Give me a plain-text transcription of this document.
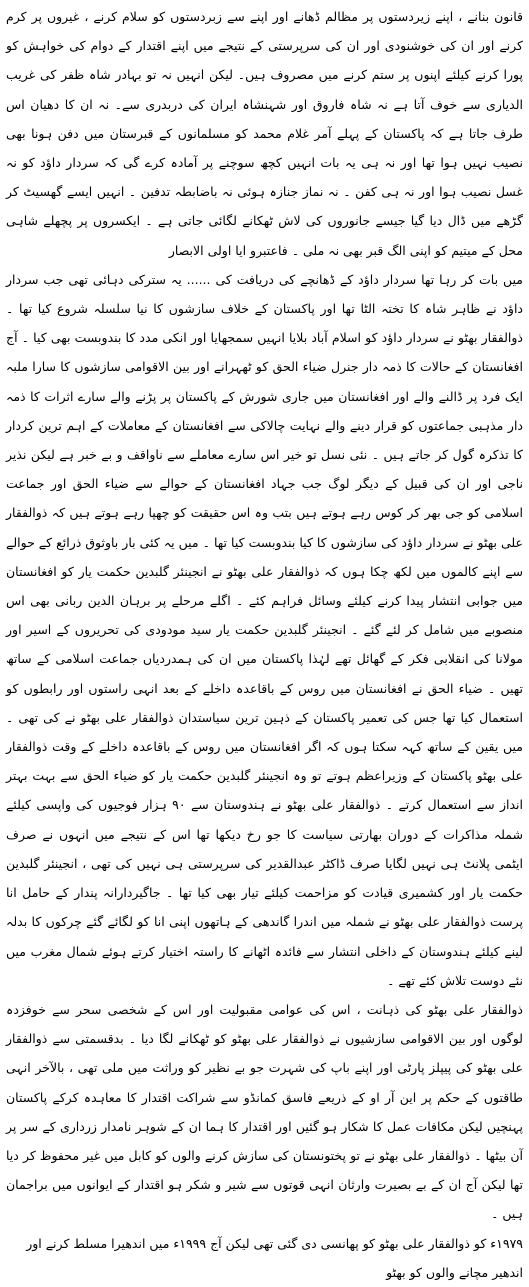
قانون بنانے ، اپنے زیردستوں پر مظالم ڈھانے اور اپنے سے زبردستوں کو سلام کرنے ، غیروں پر کرم کرنے اور ان کی خوشنودی اور ان کی سرپرستی کے نتیجے میں اپنے اقتدار کے دوام کی خواہش کو پورا کرنے کیلئے اپنوں پر ستم کرنے میں مصروف ہیں۔ لیکن انہیں نہ تو بہادر شاہ ظفر کی غریب الدیاری سے خوف آتا ہے نہ شاہ فاروق اور شہنشاہ ایران کی دربدری سے۔ نہ ان کا دھیان اس طرف جاتا ہے کہ پاکستان کے پہلے آمر غلام محمد کو مسلمانوں کے قبرستان میں دفن ہونا بھی نصیب نہیں ہوا تھا اور نہ ہی یہ بات انہیں کچھ سوچنے پر آمادہ کرے گی کہ سردار داؤد کو نہ غسل نصیب ہوا اور نہ ہی کفن ۔ نہ نماز جنازہ ہوئی نہ باضابطہ تدفین ۔ انہیں ایسے گھسیٹ کر گڑھے میں ڈال دیا گیا جیسے جانوروں کی لاش ٹھکانے لگائی جاتی ہے ۔ ایکسروں پر پچھلے شاہی محل کے میتیم کو اپنی الگ قبر بھی نہ ملی ۔ فاعتبرو ایا اولی الابصار

میں بات کر رہا تھا سردار داؤد کے ڈھانچے کی دریافت کی ...... یہ سترکی دہائی تھی جب سردار داؤد نے ظاہر شاہ کا تختہ الٹا تھا اور پاکستان کے خلاف سازشوں کا نیا سلسلہ شروع کیا تھا ۔ ذوالفقار بھٹو نے سردار داؤد کو اسلام آباد بلایا انہیں سمجھایا اور انکی مدد کا بندوبست بھی کیا ۔ آج افغانستان کے حالات کا ذمہ دار جنرل ضیاء الحق کو ٹھہرانے اور بین الاقوامی سازشوں کا سارا ملبہ ایک فرد پر ڈالنے والے اور افغانستان میں جاری شورش کے پاکستان پر پڑنے والے سارے اثرات کا ذمہ دار مذہبی جماعتوں کو قرار دینے والے نہایت چالاکی سے افغانستان کے معاملات کے اہم ترین کردار کا تذکرہ گول کر جاتے ہیں ۔ نئی نسل تو خیر اس سارے معاملے سے ناواقف و بے خبر ہے لیکن نذیر ناجی اور ان کی قبیل کے دیگر لوگ جب جہاد افغانستان کے حوالے سے ضیاء الحق اور جماعت اسلامی کو جی بھر کر کوس رہے ہوتے ہیں بتب وہ اس حقیقت کو چھپا رہے ہوتے ہیں کہ ذوالفقار علی بھٹو نے سردار داؤد کی سازشوں کا کیا بندوبست کیا تھا ۔ میں یہ کئی بار باوثوق ذرائع کے حوالے سے اپنے کالموں میں لکھ چکا ہوں کہ ذوالفقار علی بھٹو نے انجینئر گلبدین حکمت یار کو افغانستان میں جوابی انتشار پیدا کرنے کیلئے وسائل فراہم کئے ۔ اگلے مرحلے پر برہان الدین ربانی بھی اس منصوبے میں شامل کر لئے گئے ۔ انجینئر گلبدین حکمت یار سید مودودی کی تحریروں کے اسیر اور مولانا کی انقلابی فکر کے گھائل تھے لہٰذا پاکستان میں ان کی ہمدردیاں جماعت اسلامی کے ساتھ تھیں ۔ ضیاء الحق نے افغانستان میں روس کے باقاعدہ داخلے کے بعد انہی راستوں اور رابطوں کو استعمال کیا تھا جس کی تعمیر پاکستان کے ذہین ترین سیاستدان ذوالفقار علی بھٹو نے کی تھی ۔ میں یقین کے ساتھ کہہ سکتا ہوں کہ اگر افغانستان میں روس کے باقاعدہ داخلے کے وقت ذوالفقار علی بھٹو پاکستان کے وزیراعظم ہوتے تو وہ انجینئر گلبدین حکمت یار کو ضیاء الحق سے بہت بہتر انداز سے استعمال کرتے ۔ ذوالفقار علی بھٹو نے ہندوستان سے ۹۰ ہزار فوجیوں کی واپسی کیلئے شملہ مذاکرات کے دوران بھارتی سیاست کا جو رخ دیکھا تھا اس کے نتیجے میں انہوں نے صرف ایٹمی پلانٹ ہی نہیں لگایا صرف ڈاکٹر عبدالقدیر کی سرپرستی ہی نہیں کی تھی ، انجینئر گلبدین حکمت یار اور کشمیری قیادت کو مزاحمت کیلئے تیار بھی کیا تھا ۔ جاگیردارانہ پندار کے حامل انا پرست ذوالفقار علی بھٹو نے شملہ میں اندرا گاندھی کے ہاتھوں اپنی انا کو لگائے گئے چرکوں کا بدلہ لینے کیلئے ہندوستان کے داخلی انتشار سے فائدہ اٹھانے کا راستہ اختیار کرتے ہوئے شمال مغرب میں نئے دوست تلاش کئے تھے ۔

ذوالفقار علی بھٹو کی ذہانت ، اس کی عوامی مقبولیت اور اس کے شخصی سحر سے خوفزدہ لوگوں اور بین الاقوامی سازشیوں نے ذوالفقار علی بھٹو کو ٹھکانے لگا دیا ۔ بدقسمتی سے ذوالفقار علی بھٹو کی پیپلز پارٹی اور اپنے باپ کی شہرت جو بے نظیر کو وراثت میں ملی تھی ، بالآخر انہی طاقتوں کے حکم پر این آر او کے ذریعے فاسق کمانڈو سے شراکت اقتدار کا معاہدہ کرکے پاکستان پہنچیں لیکن مکافات عمل کا شکار ہو گئیں اور اقتدار کا ہما ان کے شوہر نامدار زرداری کے سر پر آن بیٹھا ۔ ذوالفقار علی بھٹو نے تو پختونستان کی سازش کرنے والوں کو کابل میں غیر محفوظ کر دیا تھا لیکن آج ان کے بے بصیرت وارثان انہی قوتوں سے شیر و شکر ہو اقتدار کے ایوانوں میں براجمان ہیں ۔

۱۹۷۹ء کو ذوالفقار علی بھٹو کو پھانسی دی گئی تھی لیکن آج ۱۹۹۹ء میں اندھیرا مسلط کرنے اور اندھیر مچانے والوں کو بھٹو
